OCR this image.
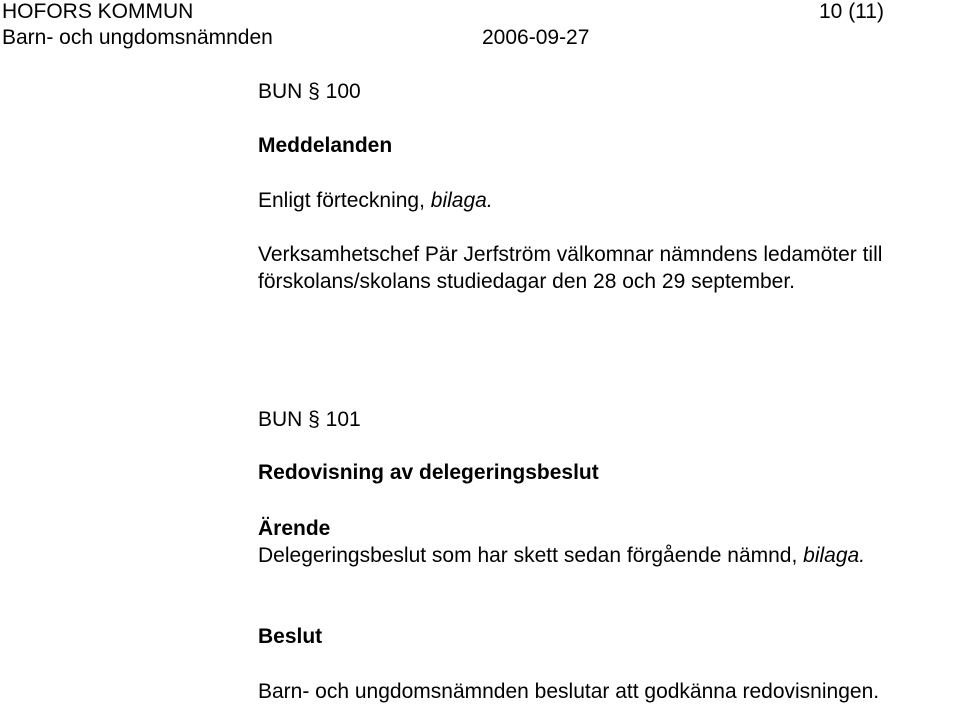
HOFORS KOMMUN	10 (11)
Barn- och ungdomsnämnden	2006-09-27
BUN § 100
Meddelanden
Enligt förteckning, bilaga.
Verksamhetschef Pär Jerfström välkomnar nämndens ledamöter till
förskolans/skolans studiedagar den 28 och 29 september.
BUN § 101
Redovisning av delegeringsbeslut
Ärende
Delegeringsbeslut som har skett sedan förgående nämnd, bilaga.
Beslut
Barn- och ungdomsnämnden beslutar att godkänna redovisningen.
